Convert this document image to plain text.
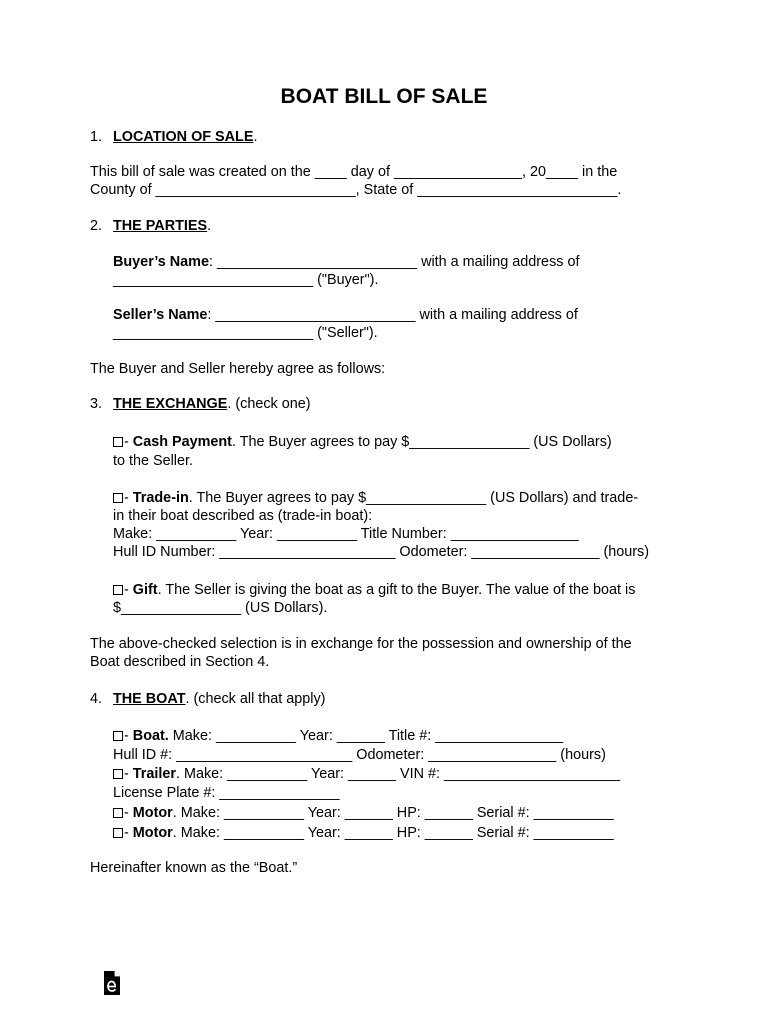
BOAT BILL OF SALE
1. LOCATION OF SALE.
This bill of sale was created on the ____ day of ________________, 20____ in the
County of _________________________, State of _________________________.
2. THE PARTIES.
Buyer’s Name: _________________________ with a mailing address of
_________________________ ("Buyer").
Seller’s Name: _________________________ with a mailing address of
_________________________ ("Seller").
The Buyer and Seller hereby agree as follows:
3. THE EXCHANGE. (check one)
- Cash Payment. The Buyer agrees to pay $_______________ (US Dollars)
to the Seller.
- Trade-in. The Buyer agrees to pay $_______________ (US Dollars) and trade-
in their boat described as (trade-in boat):
Make: __________ Year: __________ Title Number: ________________
Hull ID Number: ______________________ Odometer: ________________ (hours)
- Gift. The Seller is giving the boat as a gift to the Buyer. The value of the boat is
$_______________ (US Dollars).
The above-checked selection is in exchange for the possession and ownership of the
Boat described in Section 4.
4. THE BOAT. (check all that apply)
- Boat. Make: __________ Year: ______ Title #: ________________
Hull ID #: ______________________ Odometer: ________________ (hours)
- Trailer. Make: __________ Year: ______ VIN #: ______________________
License Plate #: _______________
- Motor. Make: __________ Year: ______ HP: ______ Serial #: __________
- Motor. Make: __________ Year: ______ HP: ______ Serial #: __________
Hereinafter known as the “Boat.”
